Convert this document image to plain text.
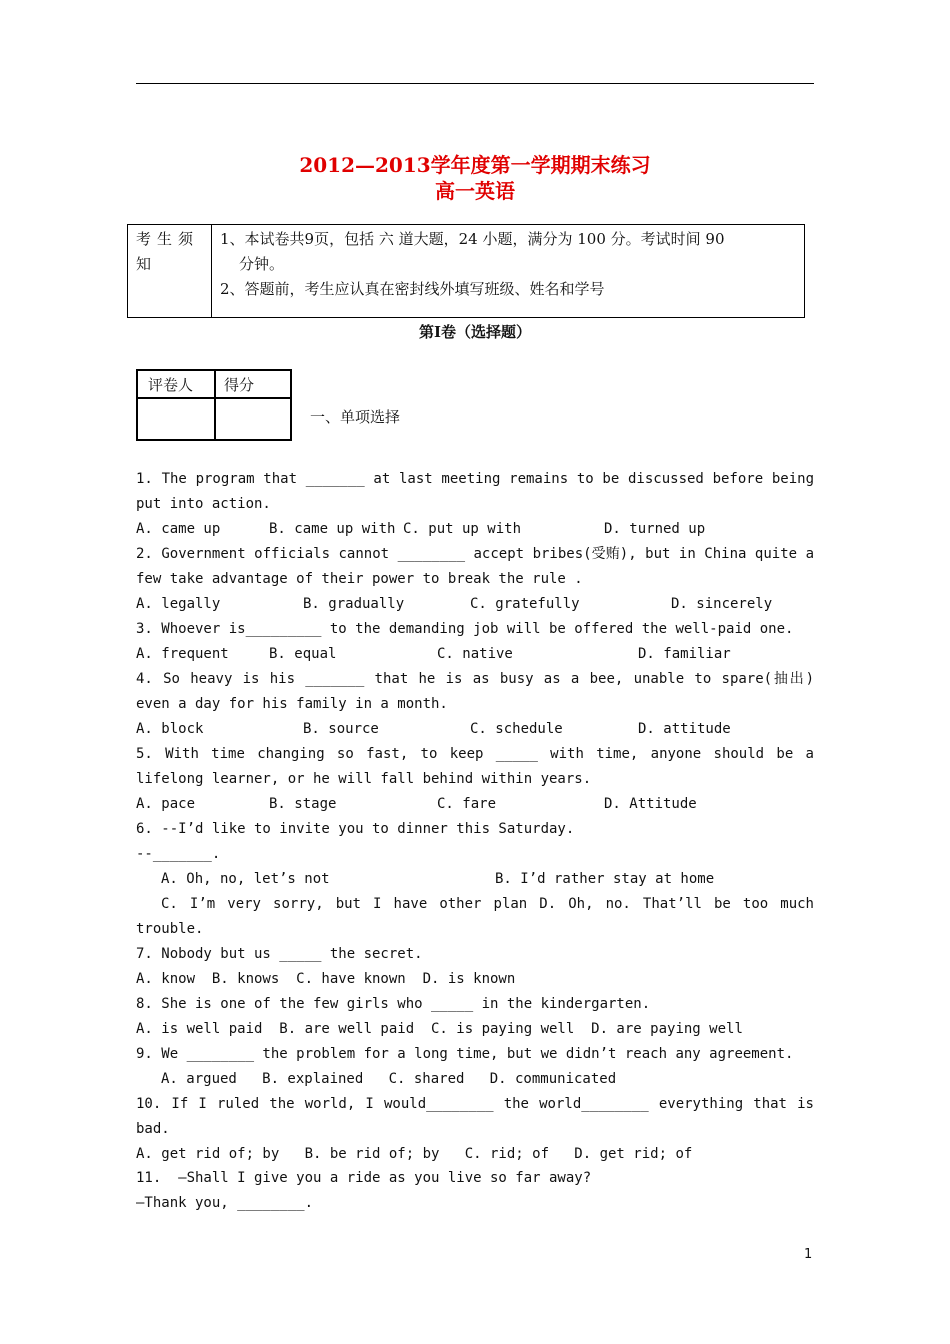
2012—2013学年度第一学期期末练习
高一英语
考生须知
1、本试卷共9页，包括 六 道大题，24 小题，满分为 100 分。考试时间 90
分钟。
2、答题前，考生应认真在密封线外填写班级、姓名和学号
第Ⅰ卷（选择题）
评卷人 得分
一、单项选择
1. The program that _______ at last meeting remains to be discussed before being
put into action.
A. came up	B. came up with C. put up with	D. turned up
2. Government officials cannot ________ accept bribes(受贿), but in China quite a
few take advantage of their power to break the rule .
A. legally	B. gradually	C. gratefully	D. sincerely
3. Whoever is_________ to the demanding job will be offered the well-paid one.
A. frequent	B. equal	C. native	D. familiar
4. So heavy is his _______ that he is as busy as a bee, unable to spare(抽出)
even a day for his family in a month.
A. block	B. source	C. schedule	D. attitude
5. With time changing so fast, to keep _____ with time, anyone should be a
lifelong learner, or he will fall behind within years.
A. pace	B. stage	C. fare	D. Attitude
6. --I’d like to invite you to dinner this Saturday.
--_______.
A. Oh, no, let’s not	B. I’d rather stay at home
C. I’m very sorry, but I have other plan D. Oh, no. That’ll be too much
trouble.
7. Nobody but us _____ the secret.
A. know  B. knows  C. have known  D. is known
8. She is one of the few girls who _____ in the kindergarten.
A. is well paid  B. are well paid  C. is paying well  D. are paying well
9. We ________ the problem for a long time, but we didn’t reach any agreement.
A. argued   B. explained   C. shared   D. communicated
10. If I ruled the world, I would________ the world________ everything that is
bad.
A. get rid of; by   B. be rid of; by   C. rid; of   D. get rid; of
11.  —Shall I give you a ride as you live so far away?
—Thank you, ________.
1
